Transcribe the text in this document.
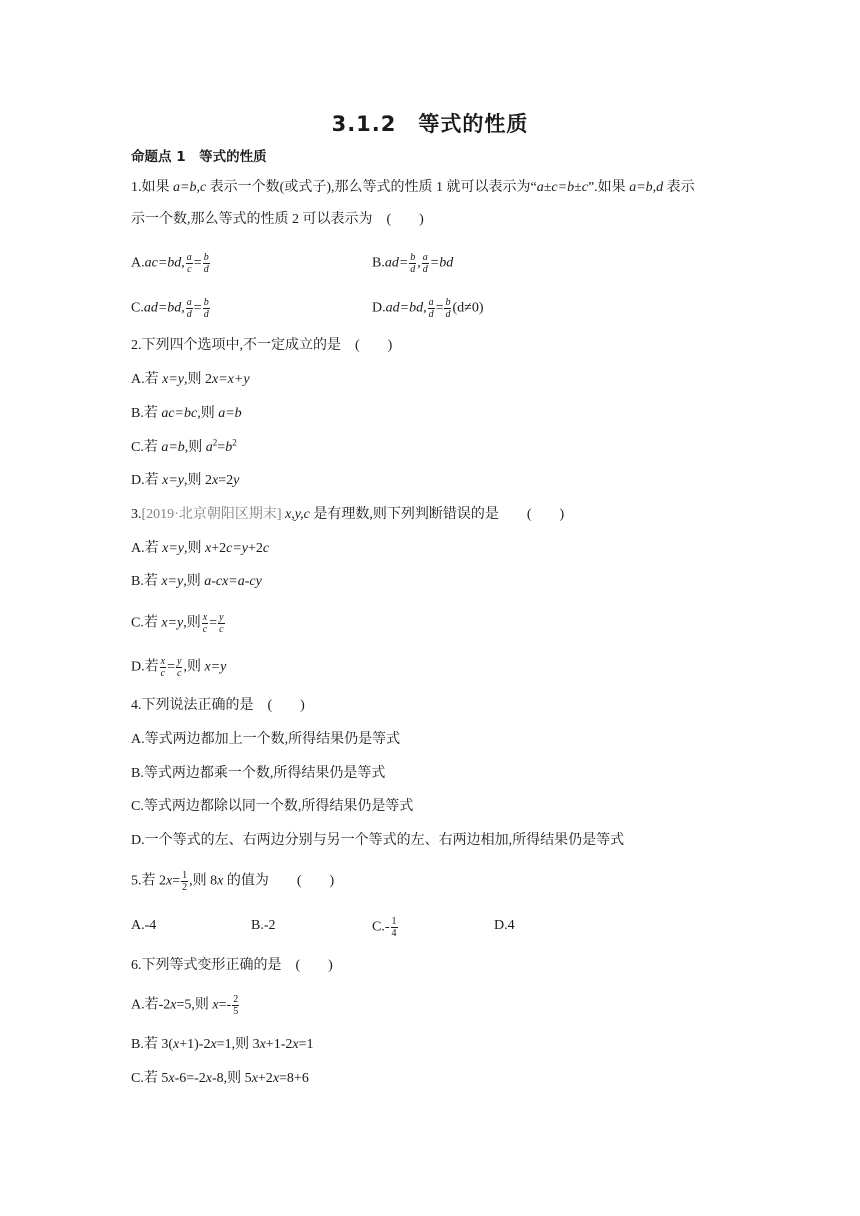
3.1.2　等式的性质
命题点 1　等式的性质
1.如果 a=b,c 表示一个数(或式子),那么等式的性质 1 就可以表示为“a±c=b±c”.如果 a=b,d 表示
示一个数,那么等式的性质 2 可以表示为　(　　)
A.ac=bd, $\frac{a}{c} = \frac{b}{d}$	$B.ad= \frac{b}{d}$ , $\frac{a}{d} =bd$
C.ad=bd, $\frac{a}{d} = \frac{b}{d}$	D.ad=bd, $\frac{a}{d} = \frac{b}{d} (d\ne 0)$
2.下列四个选项中,不一定成立的是　(　　)
A.若 x=y,则 2x=x+y
B.若 ac=bc,则 a=b
C.若 a=b,则 $a^2=b^2$
D.若 x=y,则 2x=2y
3.[2019·北京朝阳区期末] x,y,c 是有理数,则下列判断错误的是　　(　　)
A.若 x=y,则 x+2c=y+2c
B.若 x=y,则 a-cx=a-cy
C.若 x=y,则 $\frac{x}{c} = \frac{y}{c}$
D.若 $\frac{x}{c} = \frac{y}{c}$ ,则 x=y
4.下列说法正确的是　(　　)
A.等式两边都加上一个数,所得结果仍是等式
B.等式两边都乘一个数,所得结果仍是等式
C.等式两边都除以同一个数,所得结果仍是等式
D.一个等式的左、右两边分别与另一个等式的左、右两边相加,所得结果仍是等式
5.若 $2x= \frac{1}{2}$ ,则 8x 的值为　　(　　)
A.-4	B.-2	$C.- \frac{1}{4}$	D.4
6.下列等式变形正确的是　(　　)
A.若-2x=5,则 $x=- \frac{2}{5}$
B.若 3(x+1)-2x=1,则 3x+1-2x=1
C.若 5x-6=-2x-8,则 5x+2x=8+6
